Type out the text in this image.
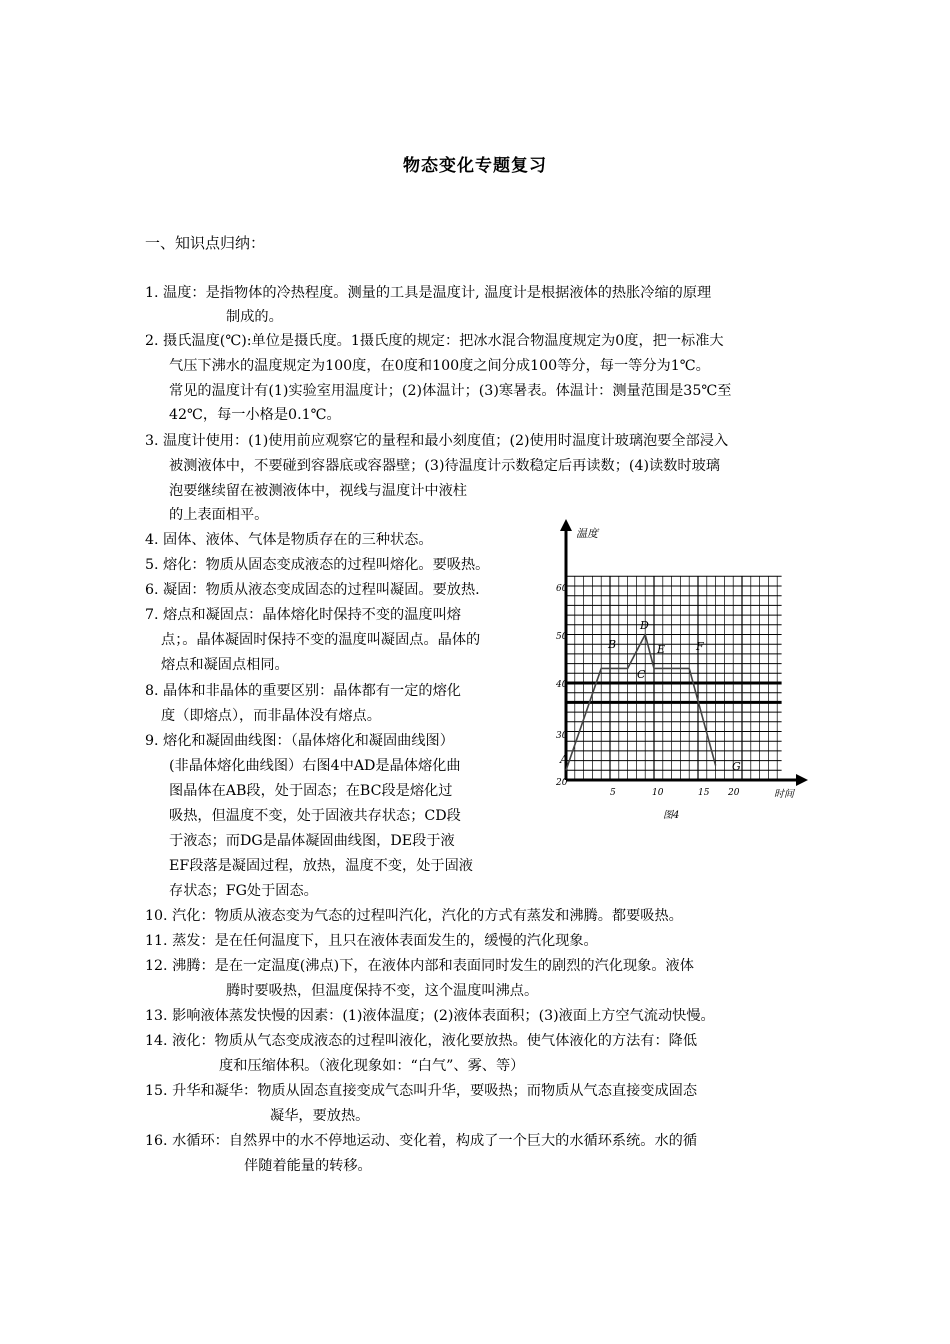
物态变化专题复习
一、知识点归纳：
1. 温度：是指物体的冷热程度。测量的工具是温度计, 温度计是根据液体的热胀冷缩的原理
制成的。
2. 摄氏温度(℃):单位是摄氏度。1摄氏度的规定：把冰水混合物温度规定为0度，把一标准大
气压下沸水的温度规定为100度，在0度和100度之间分成100等分，每一等分为1℃。
常见的温度计有(1)实验室用温度计；(2)体温计；(3)寒暑表。体温计：测量范围是35℃至
42℃，每一小格是0.1℃。
3. 温度计使用：(1)使用前应观察它的量程和最小刻度值；(2)使用时温度计玻璃泡要全部浸入
被测液体中，不要碰到容器底或容器壁；(3)待温度计示数稳定后再读数；(4)读数时玻璃
泡要继续留在被测液体中，视线与温度计中液柱
的上表面相平。
4. 固体、液体、气体是物质存在的三种状态。
5. 熔化：物质从固态变成液态的过程叫熔化。要吸热。
6. 凝固：物质从液态变成固态的过程叫凝固。要放热.
7. 熔点和凝固点：晶体熔化时保持不变的温度叫熔
点；。晶体凝固时保持不变的温度叫凝固点。晶体的
熔点和凝固点相同。
8. 晶体和非晶体的重要区别：晶体都有一定的熔化
度（即熔点），而非晶体没有熔点。
9. 熔化和凝固曲线图：（晶体熔化和凝固曲线图）
(非晶体熔化曲线图）右图4中AD是晶体熔化曲
图晶体在AB段，处于固态；在BC段是熔化过
吸热，但温度不变，处于固液共存状态；CD段
于液态；而DG是晶体凝固曲线图，DE段于液
EF段落是凝固过程，放热，温度不变，处于固液
存状态；FG处于固态。
10. 汽化：物质从液态变为气态的过程叫汽化，汽化的方式有蒸发和沸腾。都要吸热。
11. 蒸发：是在任何温度下，且只在液体表面发生的，缓慢的汽化现象。
12. 沸腾：是在一定温度(沸点)下，在液体内部和表面同时发生的剧烈的汽化现象。液体
腾时要吸热，但温度保持不变，这个温度叫沸点。
13. 影响液体蒸发快慢的因素：(1)液体温度；(2)液体表面积；(3)液面上方空气流动快慢。
14. 液化：物质从气态变成液态的过程叫液化，液化要放热。使气体液化的方法有：降低
度和压缩体积。（液化现象如：“白气”、雾、等）
15. 升华和凝华：物质从固态直接变成气态叫升华，要吸热；而物质从气态直接变成固态
凝华，要放热。
16. 水循环：自然界中的水不停地运动、变化着，构成了一个巨大的水循环系统。水的循
伴随着能量的转移。
温度
时间
图4
60
50
40
30
20
5	10	15 20
A
B
C
D
E	F
G
